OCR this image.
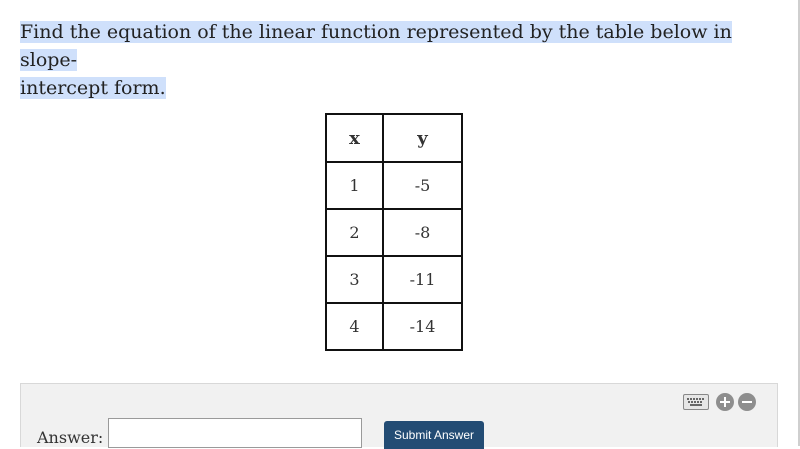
Find the equation of the linear function represented by the table below in slope-
intercept form.
x	y
1	-5
2	-8
3	-11
4	-14
Answer:	Submit Answer
